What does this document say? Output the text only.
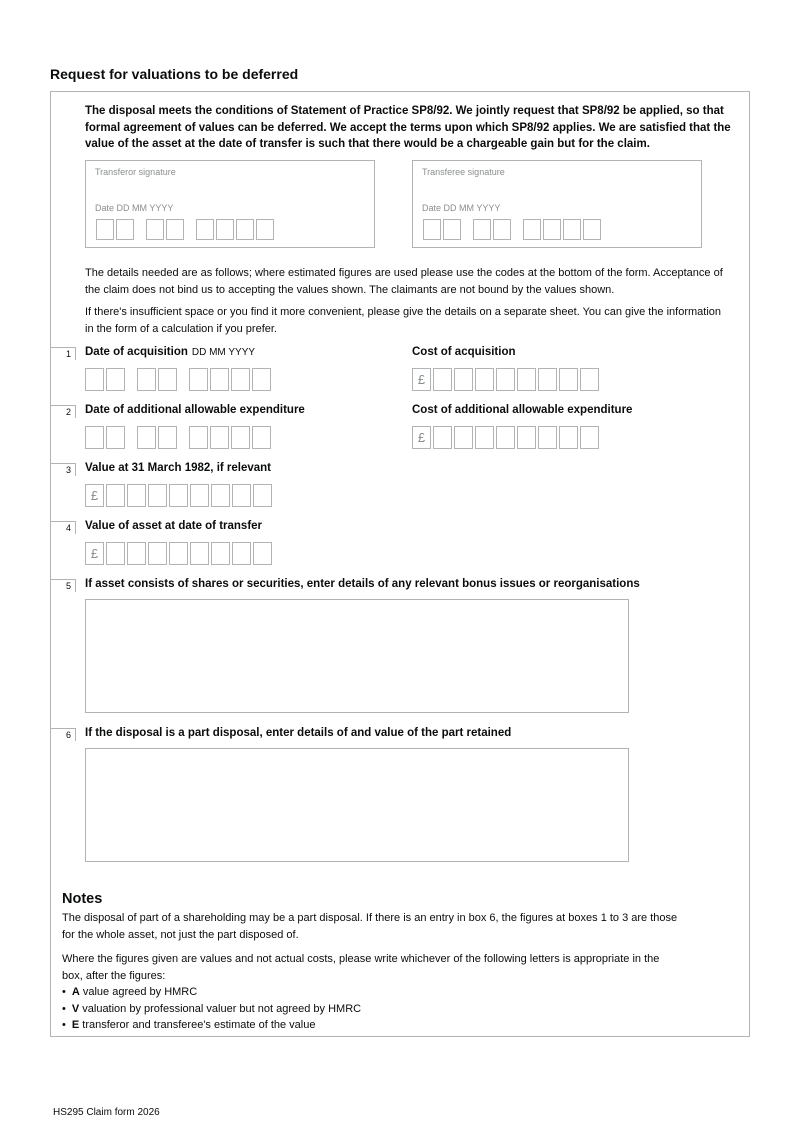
Request for valuations to be deferred
The disposal meets the conditions of Statement of Practice SP8/92. We jointly request that SP8/92 be applied, so that formal agreement of values can be deferred. We accept the terms upon which SP8/92 applies. We are satisfied that the value of the asset at the date of transfer is such that there would be a chargeable gain but for the claim.
Transferor signature
Date DD MM YYYY
Transferee signature
Date DD MM YYYY
The details needed are as follows; where estimated figures are used please use the codes at the bottom of the form. Acceptance of the claim does not bind us to accepting the values shown. The claimants are not bound by the values shown.
If there's insufficient space or you find it more convenient, please give the details on a separate sheet. You can give the information in the form of a calculation if you prefer.
1	Date of acquisition DD MM YYYY	Cost of acquisition
£
2	Date of additional allowable expenditure	Cost of additional allowable expenditure
£
3	Value at 31 March 1982, if relevant
£
4	Value of asset at date of transfer
£
5	If asset consists of shares or securities, enter details of any relevant bonus issues or reorganisations
6	If the disposal is a part disposal, enter details of and value of the part retained
Notes
The disposal of part of a shareholding may be a part disposal. If there is an entry in box 6, the figures at boxes 1 to 3 are those for the whole asset, not just the part disposed of.
Where the figures given are values and not actual costs, please write whichever of the following letters is appropriate in the box, after the figures:
• A value agreed by HMRC
• V valuation by professional valuer but not agreed by HMRC
• E transferor and transferee's estimate of the value
HS295 Claim form 2026
